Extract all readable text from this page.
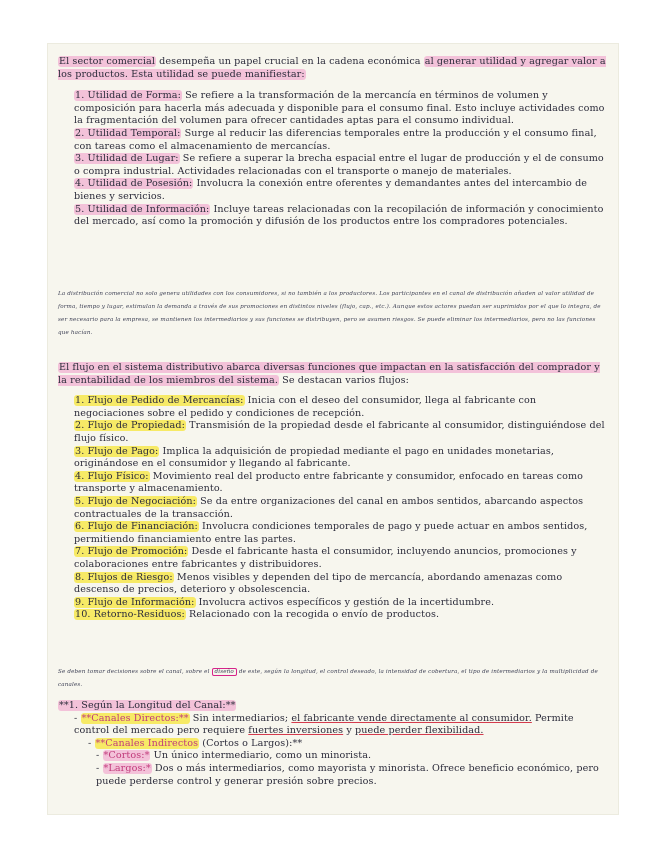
El sector comercial desempeña un papel crucial en la cadena económica al generar utilidad y agregar valor a los productos. Esta utilidad se puede manifiestar:
1. Utilidad de Forma: Se refiere a la transformación de la mercancía en términos de volumen y composición para hacerla más adecuada y disponible para el consumo final. Esto incluye actividades como la fragmentación del volumen para ofrecer cantidades aptas para el consumo individual.
2. Utilidad Temporal: Surge al reducir las diferencias temporales entre la producción y el consumo final, con tareas como el almacenamiento de mercancías.
3. Utilidad de Lugar: Se refiere a superar la brecha espacial entre el lugar de producción y el de consumo o compra industrial. Actividades relacionadas con el transporte o manejo de materiales.
4. Utilidad de Posesión: Involucra la conexión entre oferentes y demandantes antes del intercambio de bienes y servicios.
5. Utilidad de Información: Incluye tareas relacionadas con la recopilación de información y conocimiento del mercado, así como la promoción y difusión de los productos entre los compradores potenciales.
La distribución comercial no solo genera utilidades con los consumidores, si no también a los productores. Los participantes en el canal de distribución añaden al valor utilidad de forma, tiempo y lugar, estimulan la demanda a través de sus promociones en distintos niveles (flujo, cap., etc.). Aunque estos actores puedan ser suprimidos por el que lo integra, de ser necesario para la empresa, se mantienen los intermediarios y sus funciones se distribuyen, pero se asumen riesgos. Se puede eliminar los intermediarios, pero no las funciones que hacían.
El flujo en el sistema distributivo abarca diversas funciones que impactan en la satisfacción del comprador y la rentabilidad de los miembros del sistema. Se destacan varios flujos:
1. Flujo de Pedido de Mercancías: Inicia con el deseo del consumidor, llega al fabricante con negociaciones sobre el pedido y condiciones de recepción.
2. Flujo de Propiedad: Transmisión de la propiedad desde el fabricante al consumidor, distinguiéndose del flujo físico.
3. Flujo de Pago: Implica la adquisición de propiedad mediante el pago en unidades monetarias, originándose en el consumidor y llegando al fabricante.
4. Flujo Físico: Movimiento real del producto entre fabricante y consumidor, enfocado en tareas como transporte y almacenamiento.
5. Flujo de Negociación: Se da entre organizaciones del canal en ambos sentidos, abarcando aspectos contractuales de la transacción.
6. Flujo de Financiación: Involucra condiciones temporales de pago y puede actuar en ambos sentidos, permitiendo financiamiento entre las partes.
7. Flujo de Promoción: Desde el fabricante hasta el consumidor, incluyendo anuncios, promociones y colaboraciones entre fabricantes y distribuidores.
8. Flujos de Riesgo: Menos visibles y dependen del tipo de mercancía, abordando amenazas como descenso de precios, deterioro y obsolescencia.
9. Flujo de Información: Involucra activos específicos y gestión de la incertidumbre.
10. Retorno-Residuos: Relacionado con la recogida o envío de productos.
Se deben tomar decisiones sobre el canal, sobre el diseño de este, según la longitud, el control deseado, la intensidad de cobertura, el tipo de intermediarios y la multiplicidad de canales.
**1. Según la Longitud del Canal:**
- **Canales Directos:** Sin intermediarios; el fabricante vende directamente al consumidor. Permite control del mercado pero requiere fuertes inversiones y puede perder flexibilidad.
- **Canales Indirectos (Cortos o Largos):**
- *Cortos:* Un único intermediario, como un minorista.
- *Largos:* Dos o más intermediarios, como mayorista y minorista. Ofrece beneficio económico, pero puede perderse control y generar presión sobre precios.
